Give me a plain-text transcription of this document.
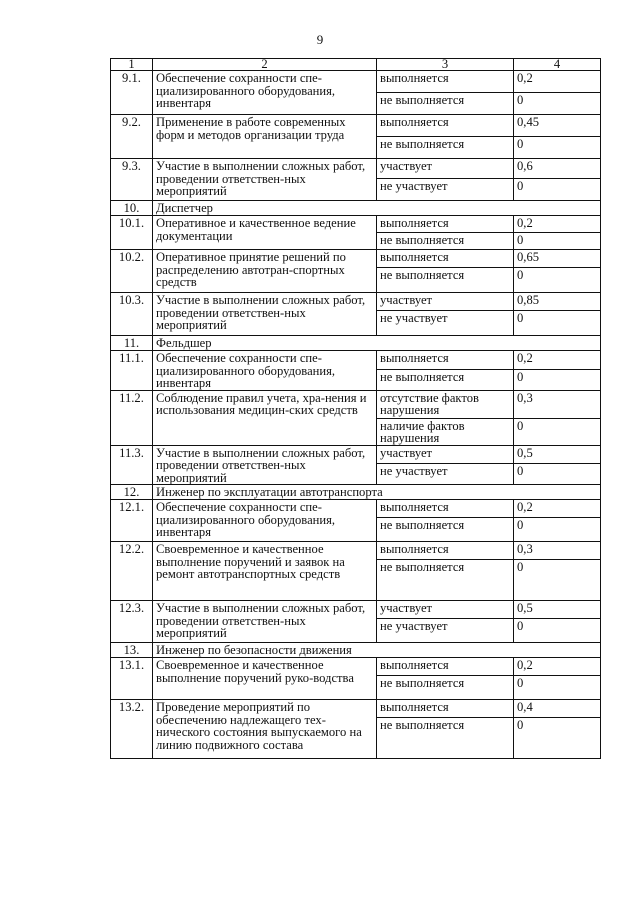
9
1	2	3	4
9.1.	Обеспечение сохранности спе-циализированного оборудования, инвентаря	выполняется	0,2
		не выполняется	0
9.2.	Применение в работе современных форм и методов организации труда	выполняется	0,45
		не выполняется	0
9.3.	Участие в выполнении сложных работ, проведении ответствен-ных мероприятий	участвует	0,6
		не участвует	0
10.	Диспетчер		
10.1.	Оперативное и качественное ведение документации	выполняется	0,2
		не выполняется	0
10.2.	Оперативное принятие решений по распределению автотран-спортных средств	выполняется	0,65
		не выполняется	0
10.3.	Участие в выполнении сложных работ, проведении ответствен-ных мероприятий	участвует	0,85
		не участвует	0
11.	Фельдшер		
11.1.	Обеспечение сохранности спе-циализированного оборудования, инвентаря	выполняется	0,2
		не выполняется	0
11.2.	Соблюдение правил учета, хра-нения и использования медицин-ских средств	отсутствие фактов нарушения	0,3
		наличие фактов нарушения	0
11.3.	Участие в выполнении сложных работ, проведении ответствен-ных мероприятий	участвует	0,5
		не участвует	0
12.	Инженер по эксплуатации автотранспорта		
12.1.	Обеспечение сохранности спе-циализированного оборудования, инвентаря	выполняется	0,2
		не выполняется	0
12.2.	Своевременное и качественное выполнение поручений и заявок на ремонт автотранспортных средств	выполняется	0,3
		не выполняется	0
12.3.	Участие в выполнении сложных работ, проведении ответствен-ных мероприятий	участвует	0,5
		не участвует	0
13.	Инженер по безопасности движения		
13.1.	Своевременное и качественное выполнение поручений руко-водства	выполняется	0,2
		не выполняется	0
13.2.	Проведение мероприятий по обеспечению надлежащего тех-нического состояния выпускаемого на линию подвижного состава	выполняется	0,4
		не выполняется	0
